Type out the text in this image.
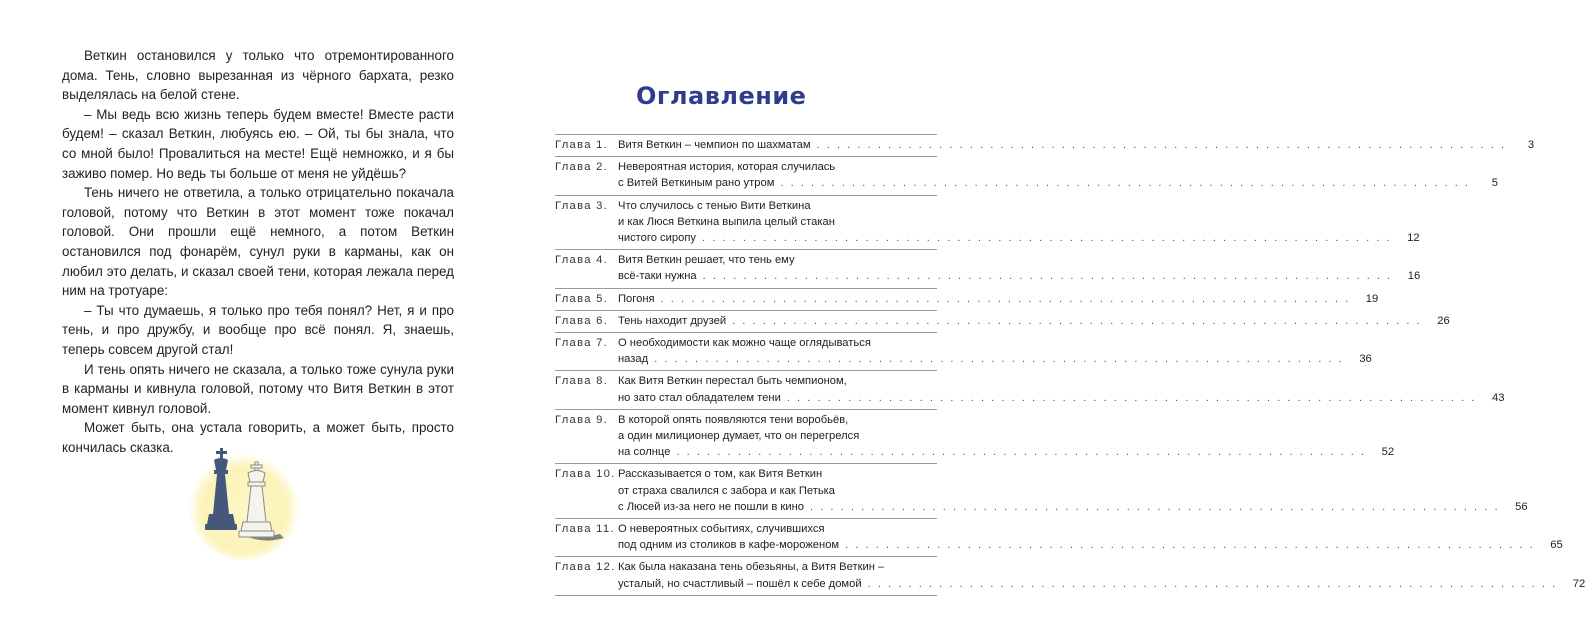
Веткин остановился у только что отремонтированного дома. Тень, словно вырезанная из чёрного бархата, резко выделялась на белой стене.

– Мы ведь всю жизнь теперь будем вместе! Вместе расти будем! – сказал Веткин, любуясь ею. – Ой, ты бы знала, что со мной было! Провалиться на месте! Ещё немножко, и я бы заживо помер. Но ведь ты больше от меня не уйдёшь?

Тень ничего не ответила, а только отрицательно покачала головой, потому что Веткин в этот момент тоже покачал головой. Они прошли ещё немного, а потом Веткин остановился под фонарём, сунул руки в карманы, как он любил это делать, и сказал своей тени, которая лежала перед ним на тротуаре:

– Ты что думаешь, я только про тебя понял? Нет, я и про тень, и про дружбу, и вообще про всё понял. Я, знаешь, теперь совсем другой стал!

И тень опять ничего не сказала, а только тоже сунула руки в карманы и кивнула головой, потому что Витя Веткин в этот момент кивнул головой.

Может быть, она устала говорить, а может быть, просто кончилась сказка.

Оглавление
Глава 1. Витя Веткин – чемпион по шахматам . . .	3
Глава 2. Невероятная история, которая случилась
с Витей Веткиным рано утром . . .	5
Глава 3. Что случилось с тенью Вити Веткина
и как Люся Веткина выпила целый стакан
чистого сиропу . . .	12
Глава 4. Витя Веткин решает, что тень ему
всё-таки нужна . . .	16
Глава 5. Погоня . . .	19
Глава 6. Тень находит друзей . . .	26
Глава 7. О необходимости как можно чаще оглядываться
назад . . .	36
Глава 8. Как Витя Веткин перестал быть чемпионом,
но зато стал обладателем тени . . .	43
Глава 9. В которой опять появляются тени воробьёв,
а один милиционер думает, что он перегрелся
на солнце . . .	52
Глава 10. Рассказывается о том, как Витя Веткин
от страха свалился с забора и как Петька
с Люсей из-за него не пошли в кино . . .	56
Глава 11. О невероятных событиях, случившихся
под одним из столиков в кафе-мороженом . . .	65
Глава 12. Как была наказана тень обезьяны, а Витя Веткин –
усталый, но счастливый – пошёл к себе домой . . .	72
